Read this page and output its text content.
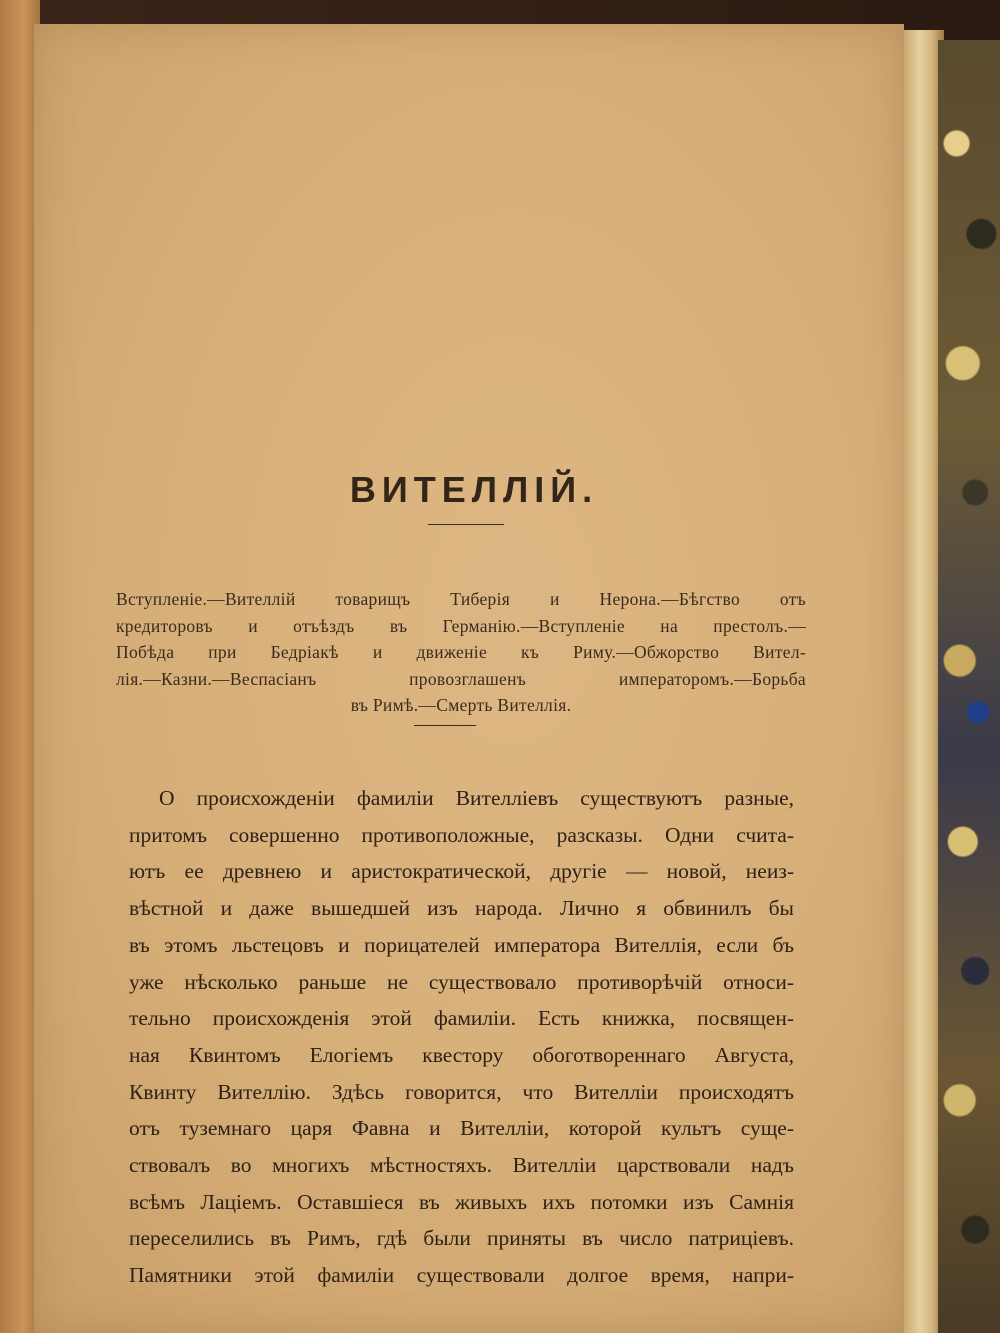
ВИТЕЛЛІЙ.
Вступленіе.—Вителлій товарищъ Тиберія и Нерона.—Бѣгство отъ
кредиторовъ и отъѣздъ въ Германію.—Вступленіе на престолъ.—
Побѣда при Бедріакѣ и движеніе къ Риму.—Обжорство Вител-
лія.—Казни.—Веспасіанъ провозглашенъ императоромъ.—Борьба
въ Римѣ.—Смерть Вителлія.
О происхожденіи фамиліи Вителліевъ существуютъ разные,
притомъ совершенно противоположные, разсказы. Одни счита-
ютъ ее древнею и аристократической, другіе — новой, неиз-
вѣстной и даже вышедшей изъ народа. Лично я обвинилъ бы
въ этомъ льстецовъ и порицателей императора Вителлія, если бъ
уже нѣсколько раньше не существовало противорѣчій относи-
тельно происхожденія этой фамиліи. Есть книжка, посвящен-
ная Квинтомъ Елогіемъ квестору обоготвореннаго Августа,
Квинту Вителлію. Здѣсь говорится, что Вителліи происходятъ
отъ туземнаго царя Фавна и Вителліи, которой культъ суще-
ствовалъ во многихъ мѣстностяхъ. Вителліи царствовали надъ
всѣмъ Лаціемъ. Оставшіеся въ живыхъ ихъ потомки изъ Самнія
переселились въ Римъ, гдѣ были приняты въ число патриціевъ.
Памятники этой фамиліи существовали долгое время, напри-
